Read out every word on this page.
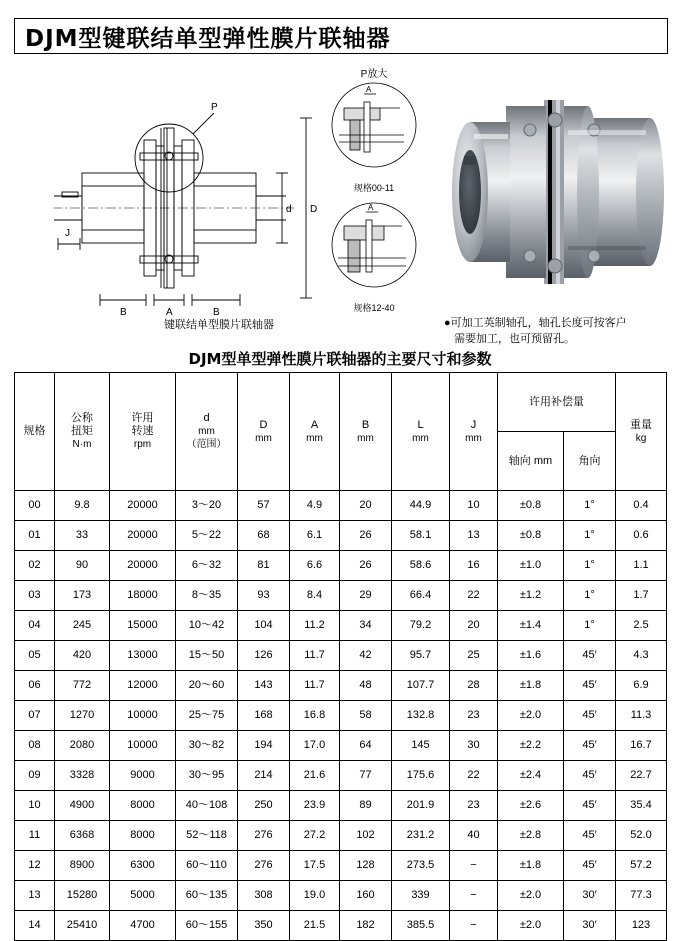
DJM型键联结单型弹性膜片联轴器
P
J
d D
B	A	B
键联结单型膜片联轴器
P放大
A
规格00-11
A
规格12-40
●可加工英制轴孔，轴孔长度可按客户
需要加工，也可预留孔。
DJM型单型弹性膜片联轴器的主要尺寸和参数
规格	
公称
扭矩
N·m

许用
转速
rpm

d
mm
（范围）

D
mm

A
mm

B
mm

L
mm

J
mm
	许用补偿量	
重量
kg

									轴向 mm	角向	
00	9.8	20000	3～20	57	4.9	20	44.9	10	±0.8	1°	0.4
01	33	20000	5～22	68	6.1	26	58.1	13	±0.8	1°	0.6
02	90	20000	6～32	81	6.6	26	58.6	16	±1.0	1°	1.1
03	173	18000	8～35	93	8.4	29	66.4	22	±1.2	1°	1.7
04	245	15000	10～42	104	11.2	34	79.2	20	±1.4	1°	2.5
05	420	13000	15～50	126	11.7	42	95.7	25	±1.6	45′	4.3
06	772	12000	20～60	143	11.7	48	107.7	28	±1.8	45′	6.9
07	1270	10000	25～75	168	16.8	58	132.8	23	±2.0	45′	11.3
08	2080	10000	30～82	194	17.0	64	145	30	±2.2	45′	16.7
09	3328	9000	30～95	214	21.6	77	175.6	22	±2.4	45′	22.7
10	4900	8000	40～108	250	23.9	89	201.9	23	±2.6	45′	35.4
11	6368	8000	52～118	276	27.2	102	231.2	40	±2.8	45′	52.0
12	8900	6300	60～110	276	17.5	128	273.5	−	±1.8	45′	57.2
13	15280	5000	60～135	308	19.0	160	339	−	±2.0	30′	77.3
14	25410	4700	60～155	350	21.5	182	385.5	−	±2.0	30′	123
